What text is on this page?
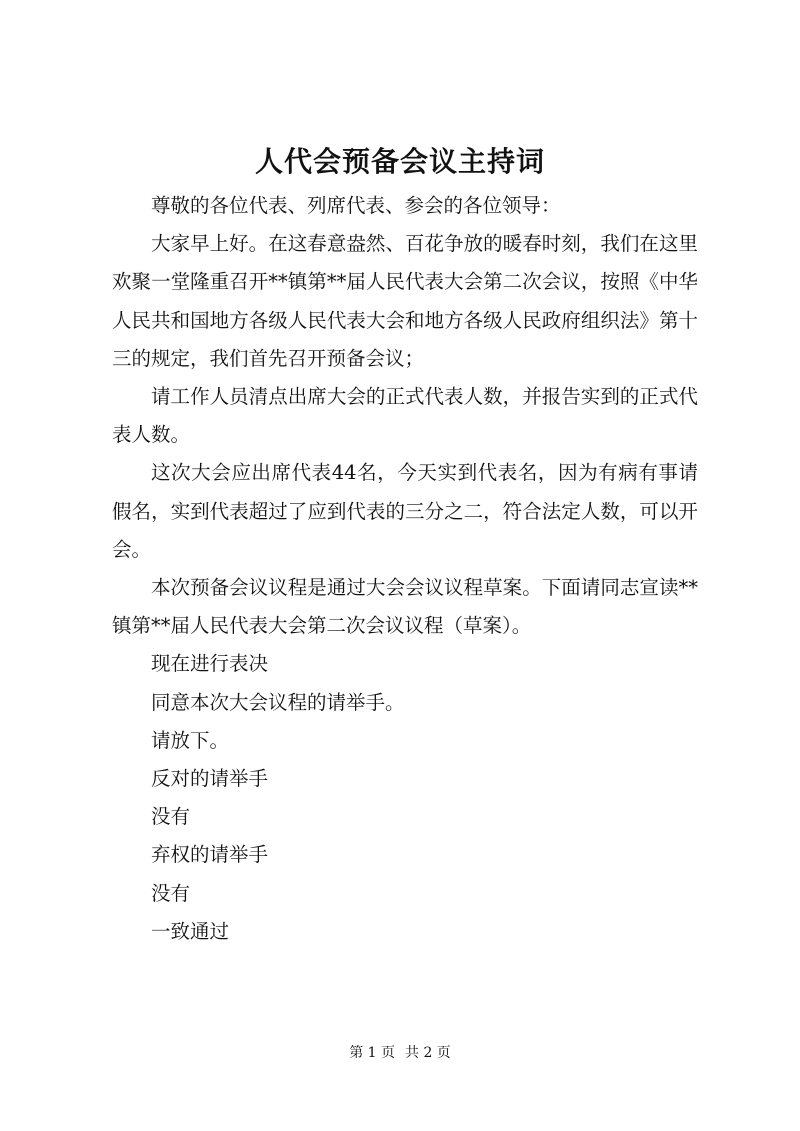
人代会预备会议主持词

尊敬的各位代表、列席代表、参会的各位领导：

大家早上好。在这春意盎然、百花争放的暖春时刻，我们在这里欢聚一堂隆重召开**镇第**届人民代表大会第二次会议，按照《中华人民共和国地方各级人民代表大会和地方各级人民政府组织法》第十三的规定，我们首先召开预备会议；

请工作人员清点出席大会的正式代表人数，并报告实到的正式代表人数。

这次大会应出席代表44名，今天实到代表名，因为有病有事请假名，实到代表超过了应到代表的三分之二，符合法定人数，可以开会。

本次预备会议议程是通过大会会议议程草案。下面请同志宣读**镇第**届人民代表大会第二次会议议程（草案）。

现在进行表决

同意本次大会议程的请举手。

请放下。

反对的请举手

没有

弃权的请举手

没有

一致通过

第 1 页 共 2 页
